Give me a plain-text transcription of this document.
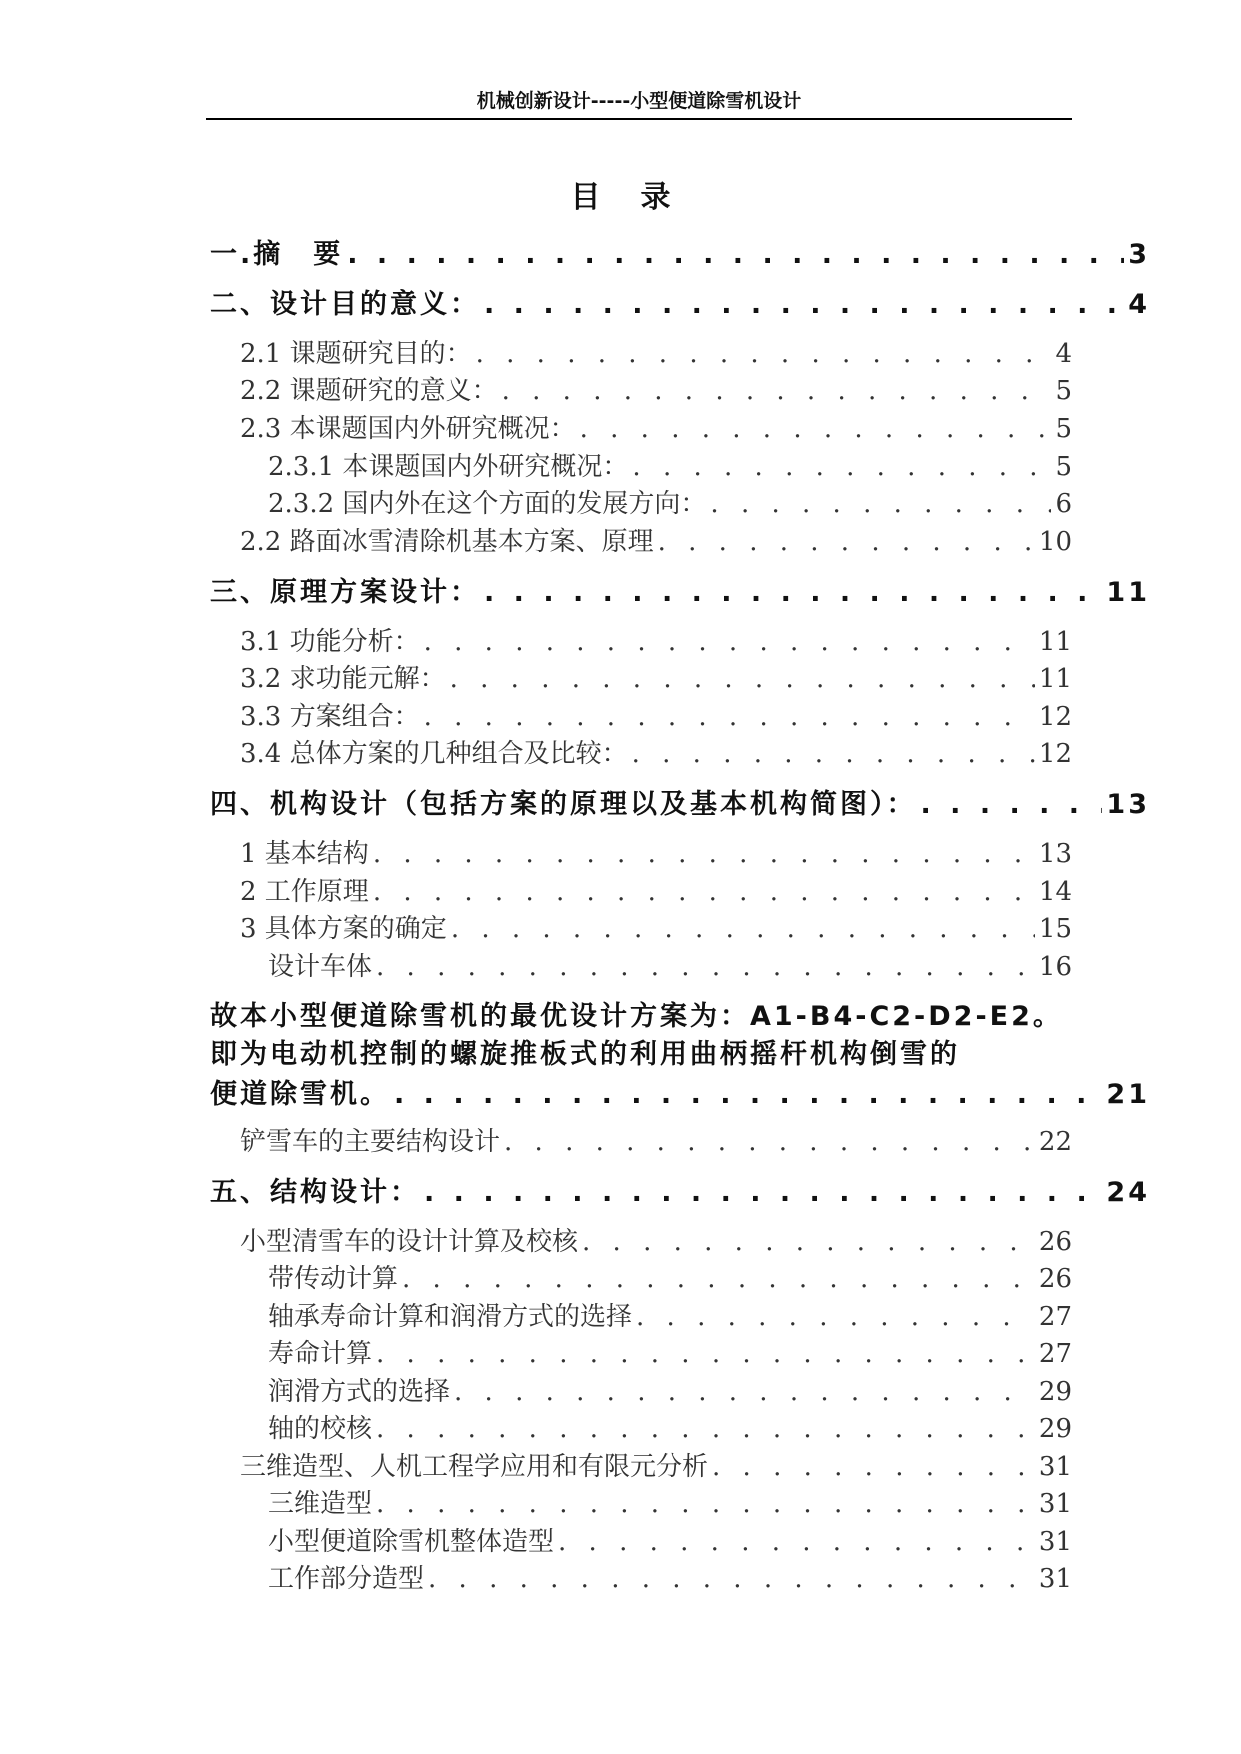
机械创新设计-----小型便道除雪机设计
目录
一.摘　要 . . .	3
二、设计目的意义： . . .	4
2.1 课题研究目的： . . .	4
2.2 课题研究的意义： . . .	5
2.3 本课题国内外研究概况： . . .	5
2.3.1 本课题国内外研究概况： . . .	5
2.3.2 国内外在这个方面的发展方向： . . .	6
2.2 路面冰雪清除机基本方案、原理 . . .	10
三、原理方案设计： . . .	11
3.1 功能分析： . . .	11
3.2 求功能元解： . . .	11
3.3 方案组合： . . .	12
3.4 总体方案的几种组合及比较： . . .	12
四、机构设计（包括方案的原理以及基本机构简图）： . . .	13
1 基本结构 . . .	13
2 工作原理 . . .	14
3 具体方案的确定 . . .	15
设计车体 . . .	16
故本小型便道除雪机的最优设计方案为：A1-B4-C2-D2-E2。
即为电动机控制的螺旋推板式的利用曲柄摇杆机构倒雪的
便道除雪机。 . . .	21
铲雪车的主要结构设计 . . .	22
五、结构设计： . . .	24
小型清雪车的设计计算及校核 . . .	26
带传动计算 . . .	26
轴承寿命计算和润滑方式的选择 . . .	27
寿命计算 . . .	27
润滑方式的选择 . . .	29
轴的校核 . . .	29
三维造型、人机工程学应用和有限元分析 . . .	31
三维造型 . . .	31
小型便道除雪机整体造型 . . .	31
工作部分造型 . . .	31
